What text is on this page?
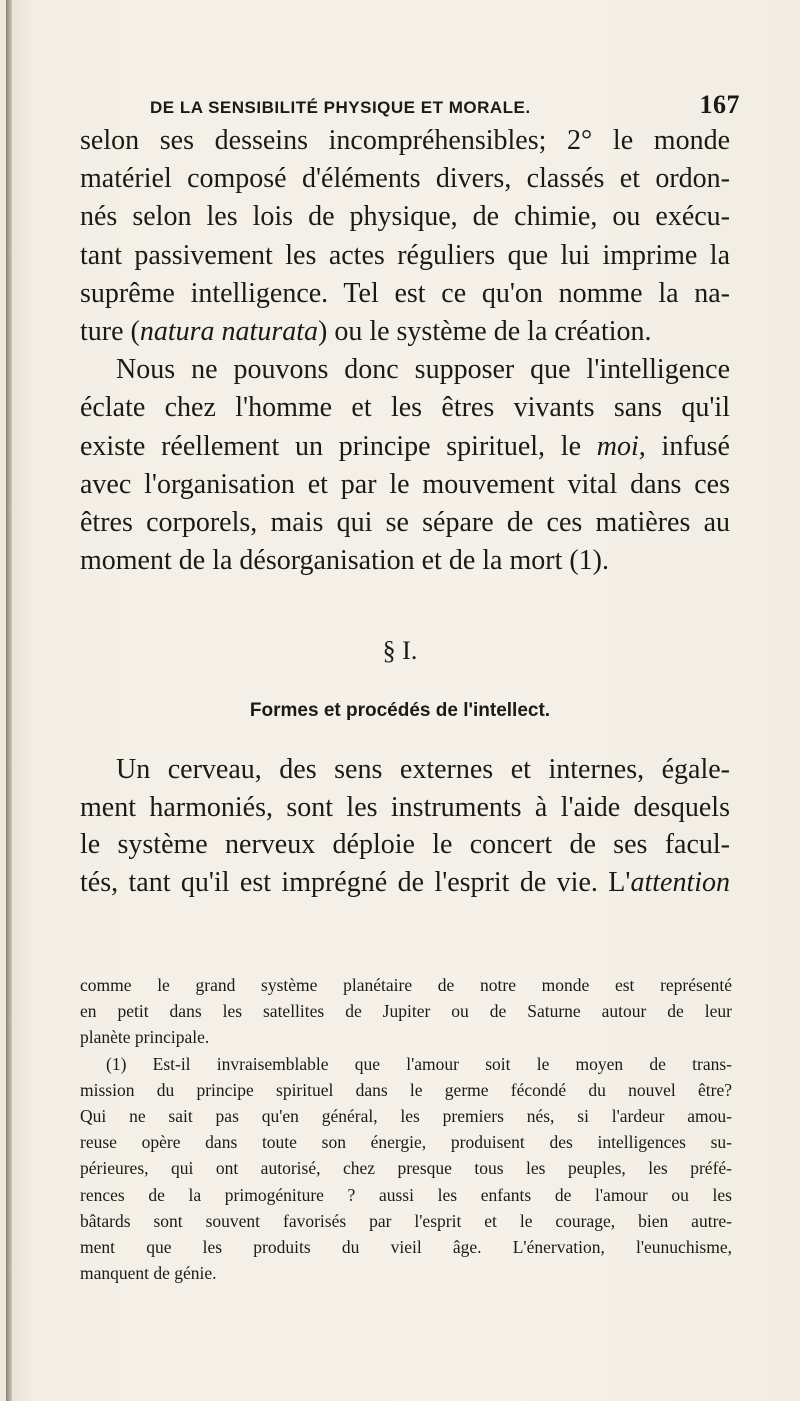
DE LA SENSIBILITÉ PHYSIQUE ET MORALE.	167
selon ses desseins incompréhensibles; 2° le monde
matériel composé d'éléments divers, classés et ordon-
nés selon les lois de physique, de chimie, ou exécu-
tant passivement les actes réguliers que lui imprime la
suprême intelligence. Tel est ce qu'on nomme la na-
ture (natura naturata) ou le système de la création.
Nous ne pouvons donc supposer que l'intelligence
éclate chez l'homme et les êtres vivants sans qu'il
existe réellement un principe spirituel, le moi, infusé
avec l'organisation et par le mouvement vital dans ces
êtres corporels, mais qui se sépare de ces matières au
moment de la désorganisation et de la mort (1).
§ I.
Formes et procédés de l'intellect.
Un cerveau, des sens externes et internes, égale-
ment harmoniés, sont les instruments à l'aide desquels
le système nerveux déploie le concert de ses facul-
tés, tant qu'il est imprégné de l'esprit de vie. L'attention
comme le grand système planétaire de notre monde est représenté
en petit dans les satellites de Jupiter ou de Saturne autour de leur
planète principale.
(1) Est-il invraisemblable que l'amour soit le moyen de trans-
mission du principe spirituel dans le germe fécondé du nouvel être?
Qui ne sait pas qu'en général, les premiers nés, si l'ardeur amou-
reuse opère dans toute son énergie, produisent des intelligences su-
périeures, qui ont autorisé, chez presque tous les peuples, les préfé-
rences de la primogéniture ? aussi les enfants de l'amour ou les
bâtards sont souvent favorisés par l'esprit et le courage, bien autre-
ment que les produits du vieil âge. L'énervation, l'eunuchisme,
manquent de génie.
